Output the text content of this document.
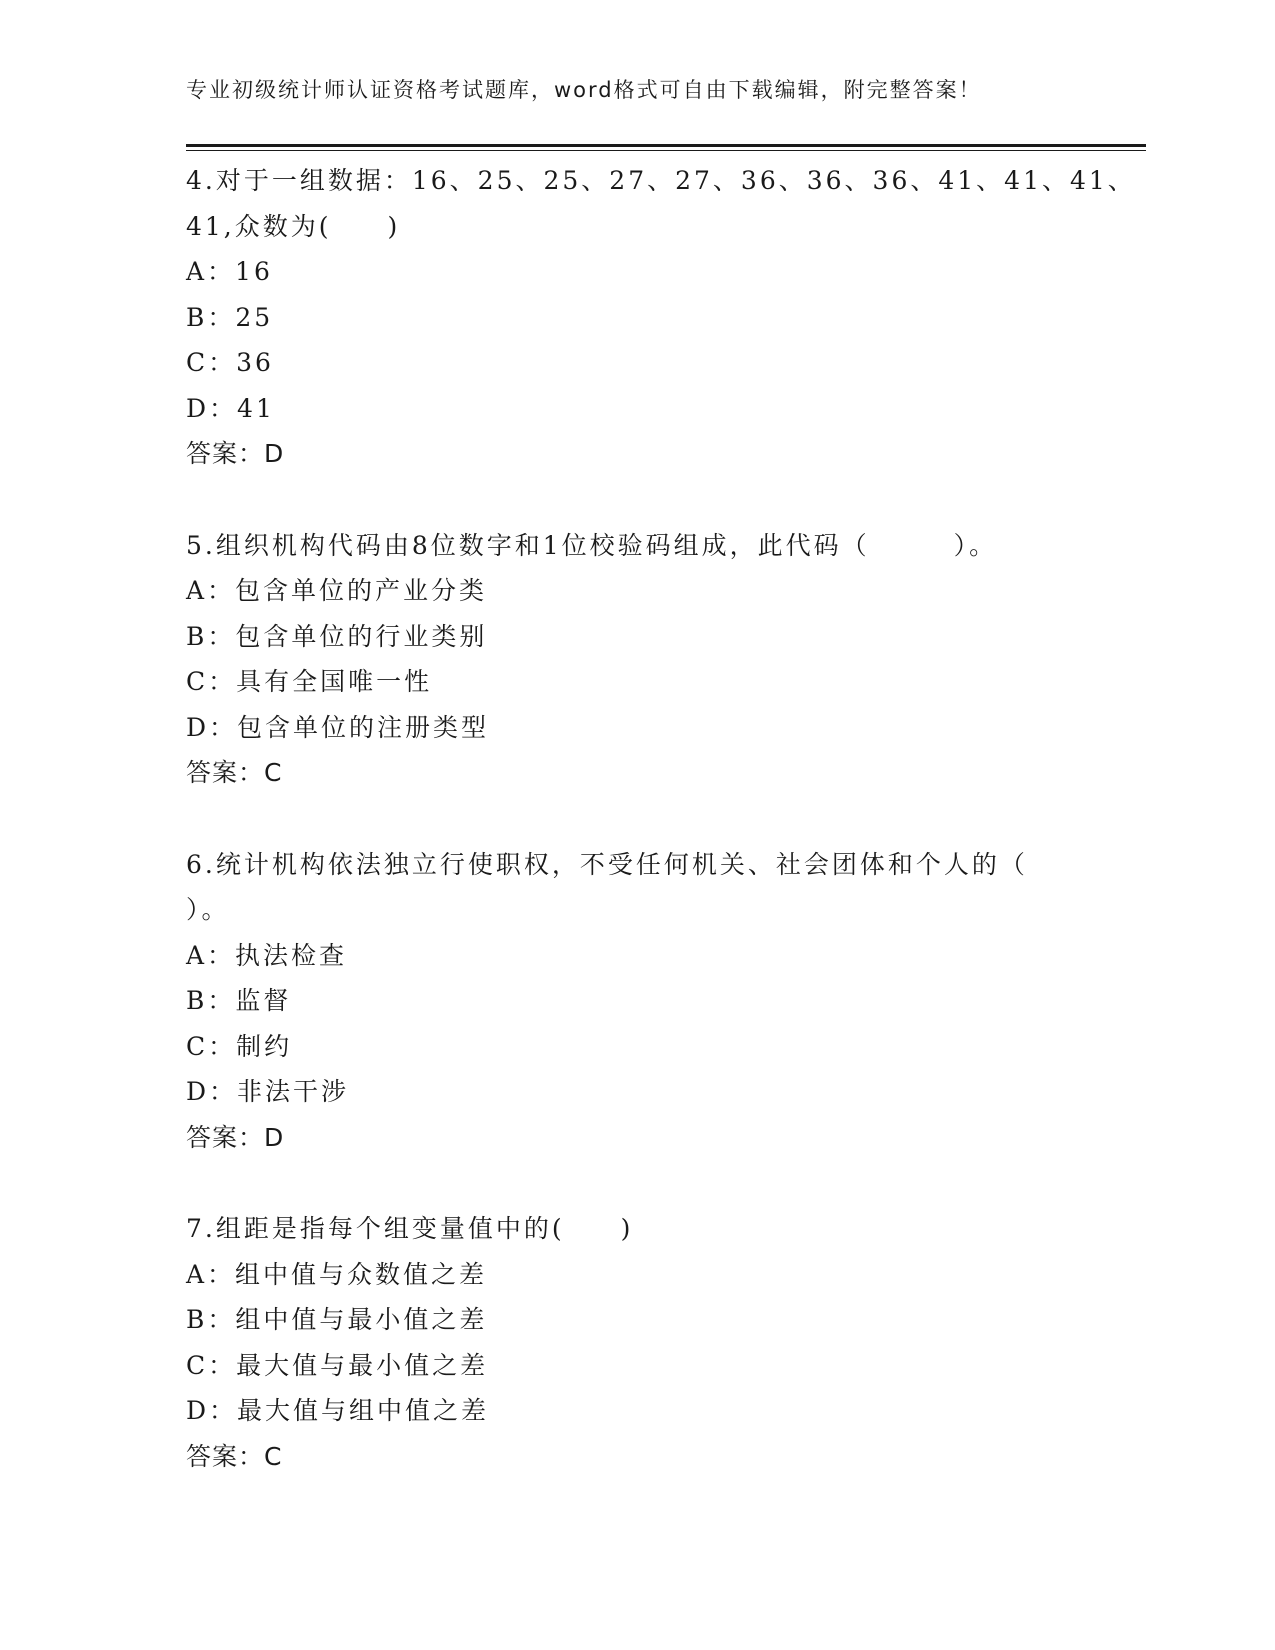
专业初级统计师认证资格考试题库，word格式可自由下载编辑，附完整答案！
4.对于一组数据：16、25、25、27、27、36、36、36、41、41、41、
41,众数为(　　)
A：16
B：25
C：36
D：41
答案：D
5.组织机构代码由8位数字和1位校验码组成，此代码（　　　）。
A：包含单位的产业分类
B：包含单位的行业类别
C：具有全国唯一性
D：包含单位的注册类型
答案：C
6.统计机构依法独立行使职权，不受任何机关、社会团体和个人的（
）。
A：执法检查
B：监督
C：制约
D：非法干涉
答案：D
7.组距是指每个组变量值中的(　　)
A：组中值与众数值之差
B：组中值与最小值之差
C：最大值与最小值之差
D：最大值与组中值之差
答案：C
